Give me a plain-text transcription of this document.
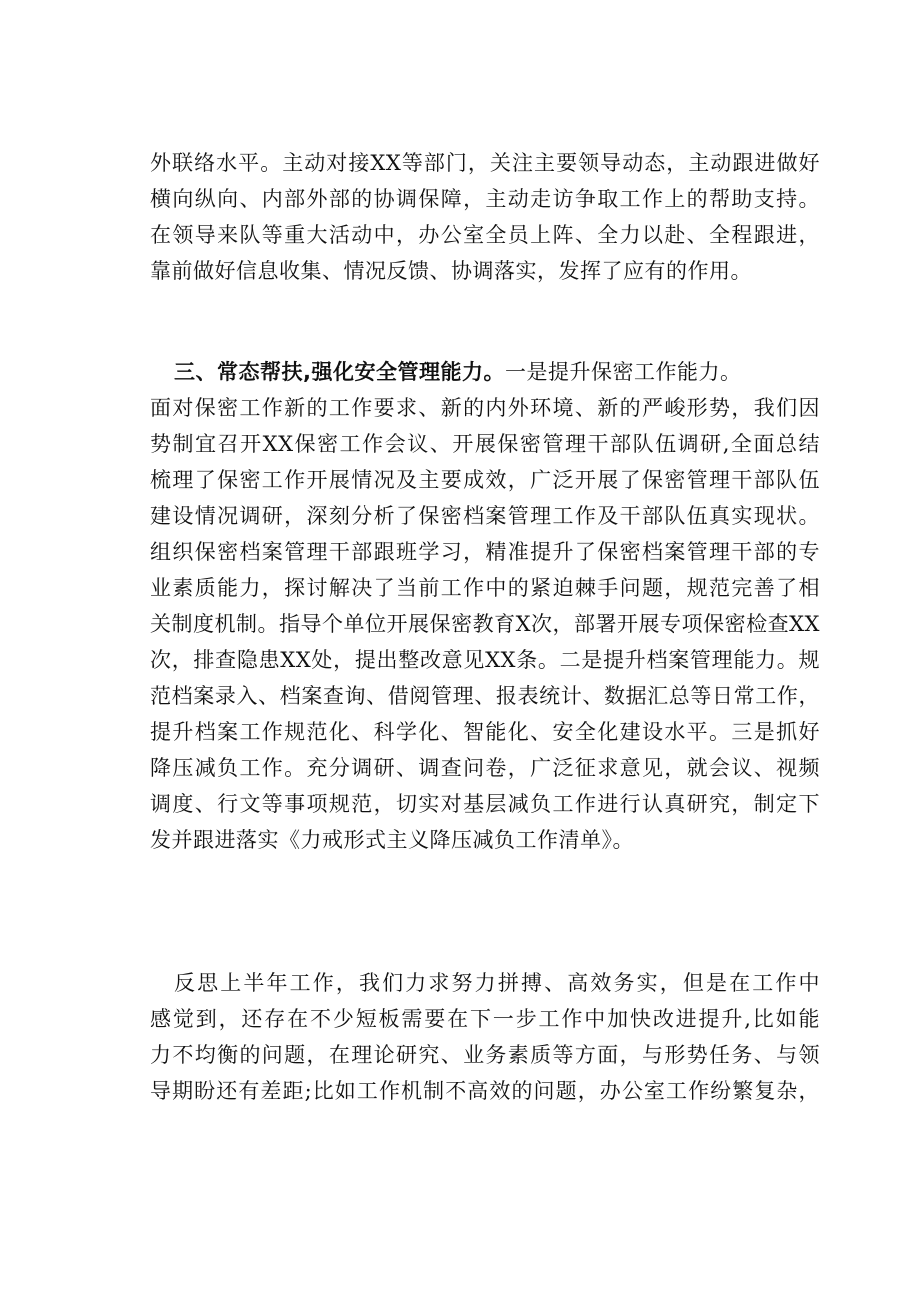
外联络水平。主动对接XX等部门，关注主要领导动态，主动跟进做好
横向纵向、内部外部的协调保障，主动走访争取工作上的帮助支持。
在领导来队等重大活动中，办公室全员上阵、全力以赴、全程跟进，
靠前做好信息收集、情况反馈、协调落实，发挥了应有的作用。
三、常态帮扶,强化安全管理能力。一是提升保密工作能力。
面对保密工作新的工作要求、新的内外环境、新的严峻形势，我们因
势制宜召开XX保密工作会议、开展保密管理干部队伍调研,全面总结
梳理了保密工作开展情况及主要成效，广泛开展了保密管理干部队伍
建设情况调研，深刻分析了保密档案管理工作及干部队伍真实现状。
组织保密档案管理干部跟班学习，精准提升了保密档案管理干部的专
业素质能力，探讨解决了当前工作中的紧迫棘手问题，规范完善了相
关制度机制。指导个单位开展保密教育X次，部署开展专项保密检查XX
次，排查隐患XX处，提出整改意见XX条。二是提升档案管理能力。规
范档案录入、档案查询、借阅管理、报表统计、数据汇总等日常工作，
提升档案工作规范化、科学化、智能化、安全化建设水平。三是抓好
降压减负工作。充分调研、调查问卷，广泛征求意见，就会议、视频
调度、行文等事项规范，切实对基层减负工作进行认真研究，制定下
发并跟进落实《力戒形式主义降压减负工作清单》。
反思上半年工作，我们力求努力拼搏、高效务实，但是在工作中
感觉到，还存在不少短板需要在下一步工作中加快改进提升,比如能
力不均衡的问题，在理论研究、业务素质等方面，与形势任务、与领
导期盼还有差距;比如工作机制不高效的问题，办公室工作纷繁复杂，
